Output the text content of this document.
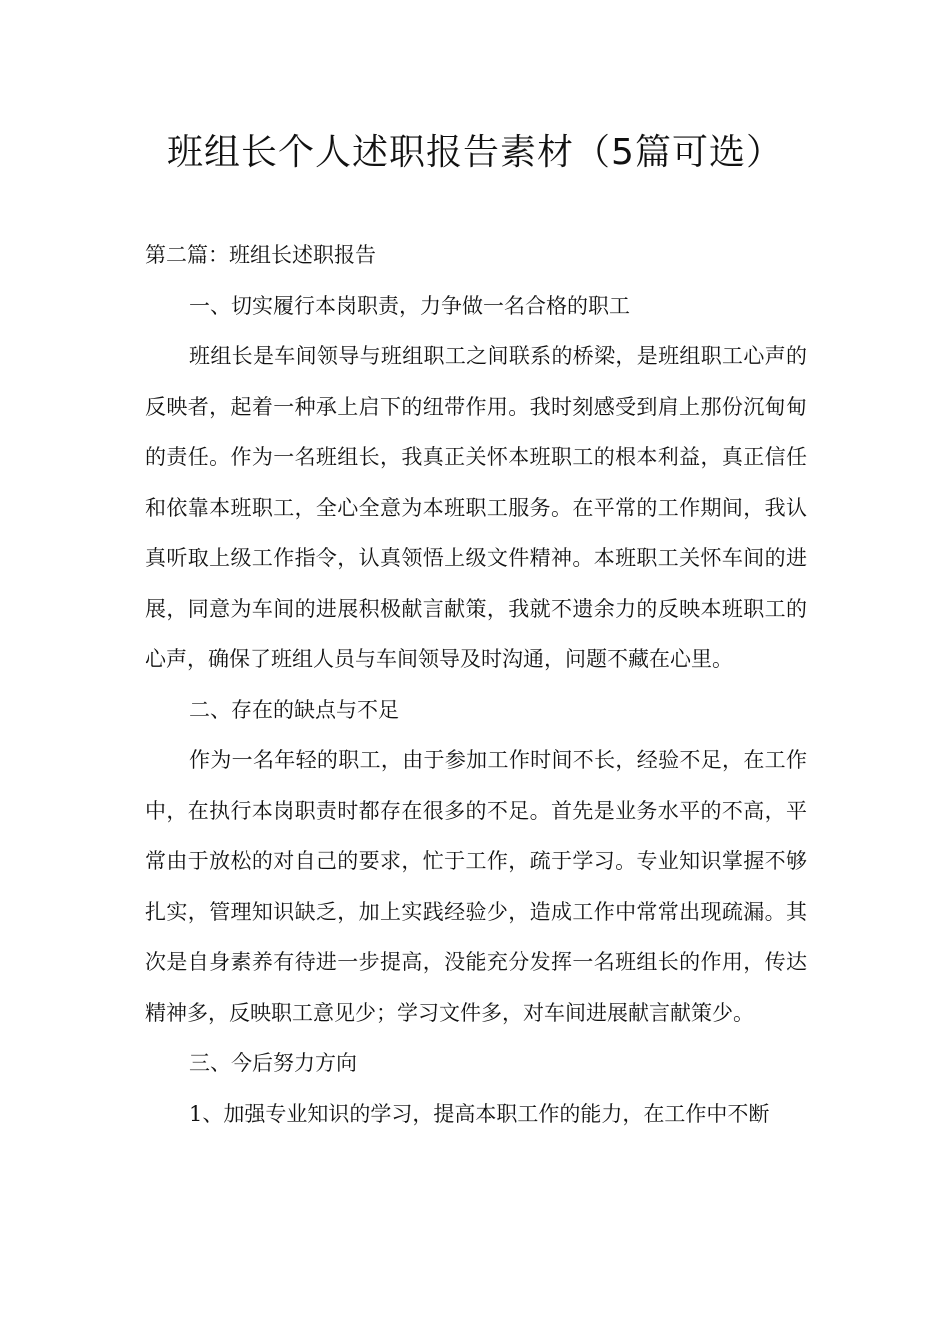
班组长个人述职报告素材（5篇可选）

第二篇：班组长述职报告

一、切实履行本岗职责，力争做一名合格的职工

班组长是车间领导与班组职工之间联系的桥梁，是班组职工心声的反映者，起着一种承上启下的纽带作用。我时刻感受到肩上那份沉甸甸的责任。作为一名班组长，我真正关怀本班职工的根本利益，真正信任和依靠本班职工，全心全意为本班职工服务。在平常的工作期间，我认真听取上级工作指令，认真领悟上级文件精神。本班职工关怀车间的进展，同意为车间的进展积极献言献策，我就不遗余力的反映本班职工的心声，确保了班组人员与车间领导及时沟通，问题不藏在心里。

二、存在的缺点与不足

作为一名年轻的职工，由于参加工作时间不长，经验不足，在工作中，在执行本岗职责时都存在很多的不足。首先是业务水平的不高，平常由于放松的对自己的要求，忙于工作，疏于学习。专业知识掌握不够扎实，管理知识缺乏，加上实践经验少，造成工作中常常出现疏漏。其次是自身素养有待进一步提高，没能充分发挥一名班组长的作用，传达精神多，反映职工意见少；学习文件多，对车间进展献言献策少。

三、今后努力方向

1、加强专业知识的学习，提高本职工作的能力，在工作中不断
